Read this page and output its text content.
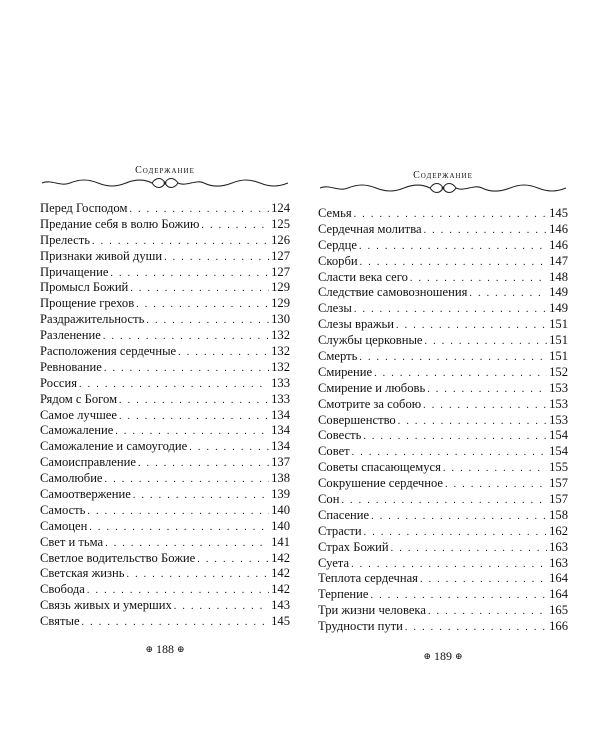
Содержание
Перед Господом . . .	124
Предание себя в волю Божию . . .	125
Прелесть . . .	126
Признаки живой души . . .	127
Причащение . . .	127
Промысл Божий . . .	129
Прощение грехов . . .	129
Раздражительность . . .	130
Разленение . . .	132
Расположения сердечные . . .	132
Ревнование . . .	132
Россия . . .	133
Рядом с Богом . . .	133
Самое лучшее . . .	134
Саможаление . . .	134
Саможаление и самоугодие . . .	134
Самоисправление . . .	137
Самолюбие . . .	138
Самоотвержение . . .	139
Самость . . .	140
Самоцен . . .	140
Свет и тьма . . .	141
Светлое водительство Божие . . .	142
Светская жизнь . . .	142
Свобода . . .	142
Связь живых и умерших . . .	143
Святые . . .	145
⊕ 188 ⊕
Содержание
Семья . . .	145
Сердечная молитва . . .	146
Сердце . . .	146
Скорби . . .	147
Сласти века сего . . .	148
Следствие самовозношения . . .	149
Слезы . . .	149
Слезы вражьи . . .	151
Службы церковные . . .	151
Смерть . . .	151
Смирение . . .	152
Смирение и любовь . . .	153
Смотрите за собою . . .	153
Совершенство . . .	153
Совесть . . .	154
Совет . . .	154
Советы спасающемуся . . .	155
Сокрушение сердечное . . .	157
Сон . . .	157
Спасение . . .	158
Страсти . . .	162
Страх Божий . . .	163
Суета . . .	163
Теплота сердечная . . .	164
Терпение . . .	164
Три жизни человека . . .	165
Трудности пути . . .	166
⊕ 189 ⊕
